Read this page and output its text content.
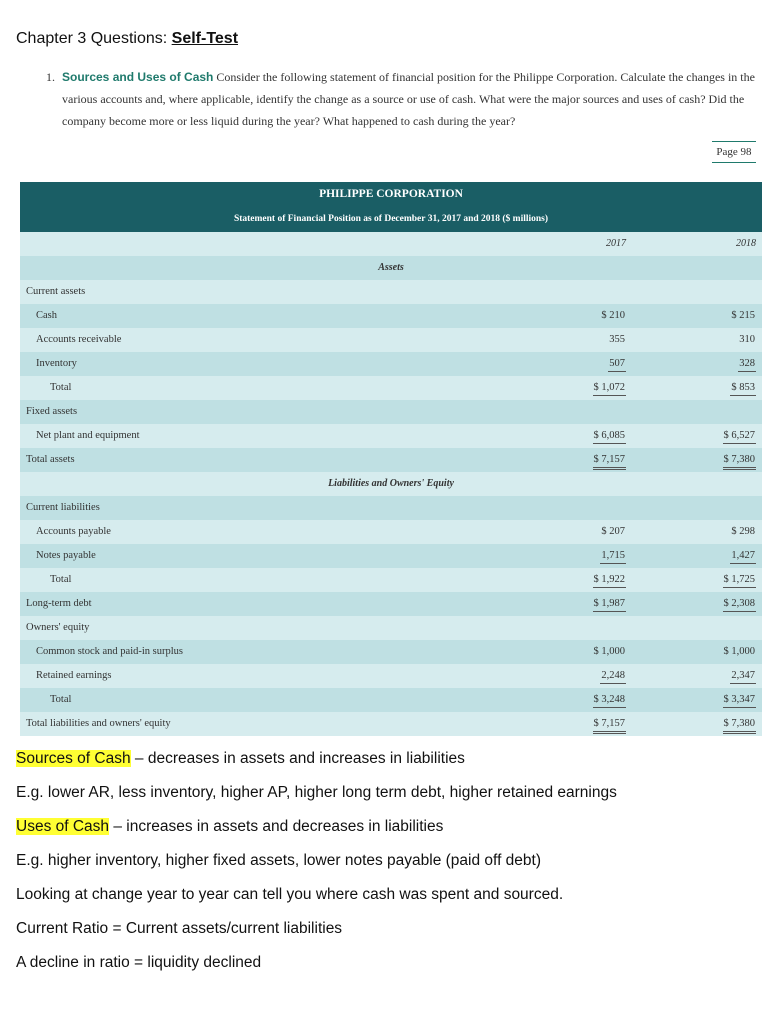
Chapter 3 Questions: Self-Test
1. Sources and Uses of Cash Consider the following statement of financial position for the Philippe Corporation. Calculate the changes in the various accounts and, where applicable, identify the change as a source or use of cash. What were the major sources and uses of cash? Did the company become more or less liquid during the year? What happened to cash during the year?
Page 98
PHILIPPE CORPORATION
Statement of Financial Position as of December 31, 2017 and 2018 ($ millions)
2017	2018
Assets
Current assets
Cash	$ 210	$ 215
Accounts receivable	355	310
Inventory	507	328
Total	$ 1,072	$ 853
Fixed assets
Net plant and equipment	$ 6,085	$ 6,527
Total assets	$ 7,157	$ 7,380
Liabilities and Owners' Equity
Current liabilities
Accounts payable	$ 207	$ 298
Notes payable	1,715	1,427
Total	$ 1,922	$ 1,725
Long-term debt	$ 1,987	$ 2,308
Owners' equity
Common stock and paid-in surplus	$ 1,000	$ 1,000
Retained earnings	2,248	2,347
Total	$ 3,248	$ 3,347
Total liabilities and owners' equity	$ 7,157	$ 7,380

Sources of Cash – decreases in assets and increases in liabilities

E.g. lower AR, less inventory, higher AP, higher long term debt, higher retained earnings

Uses of Cash – increases in assets and decreases in liabilities

E.g. higher inventory, higher fixed assets, lower notes payable (paid off debt)

Looking at change year to year can tell you where cash was spent and sourced.

Current Ratio = Current assets/current liabilities

A decline in ratio = liquidity declined
